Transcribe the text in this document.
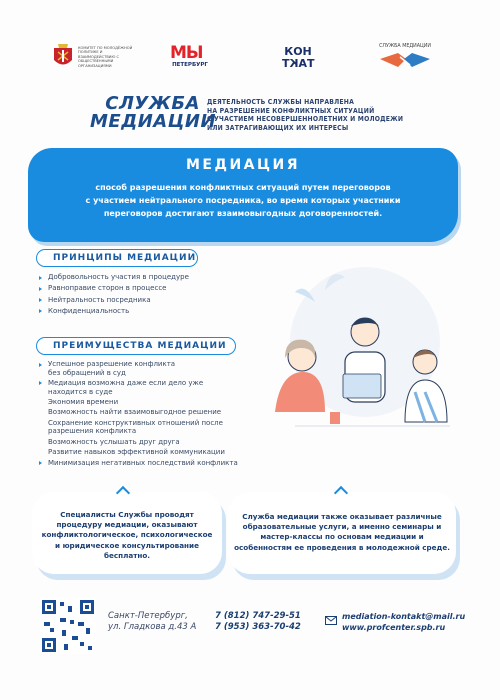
КОМИТЕТ ПО МОЛОДЁЖНОЙ ПОЛИТИКЕ И ВЗАИМОДЕЙСТВИЮ С ОБЩЕСТВЕННЫМИ ОРГАНИЗАЦИЯМИ
МЫ
ПЕТЕРБУРГ
КОН
ТАКТ
СЛУЖБА МЕДИАЦИИ
СЛУЖБА
МЕДИАЦИИ
ДЕЯТЕЛЬНОСТЬ СЛУЖБЫ НАПРАВЛЕНА
НА РАЗРЕШЕНИЕ КОНФЛИКТНЫХ СИТУАЦИЙ
С УЧАСТИЕМ НЕСОВЕРШЕННОЛЕТНИХ И МОЛОДЕЖИ
ИЛИ ЗАТРАГИВАЮЩИХ ИХ ИНТЕРЕСЫ
МЕДИАЦИЯ
способ разрешения конфликтных ситуаций путем переговоров
с участием нейтрального посредника, во время которых участники
переговоров достигают взаимовыгодных договоренностей.
ПРИНЦИПЫ МЕДИАЦИИ
Добровольность участия в процедуре
Равноправие сторон в процессе
Нейтральность посредника
Конфиденциальность
ПРЕИМУЩЕСТВА МЕДИАЦИИ
Успешное разрешение конфликта без обращений в суд
Медиация возможна даже если дело уже находится в суде
Экономия времени
Возможность найти взаимовыгодное решение
Сохранение конструктивных отношений после разрешения конфликта
Возможность услышать друг друга
Развитие навыков эффективной коммуникации
Минимизация негативных последствий конфликта
Специалисты Службы проводят процедуру медиации, оказывают конфликтологическое, психологическое и юридическое консультирование бесплатно.
Служба медиации также оказывает различные образовательные услуги, а именно семинары и мастер-классы по основам медиации и особенностям ее проведения в молодежной среде.
Санкт-Петербург,
ул. Гладкова д.43 А
7 (812) 747-29-51
7 (953) 363-70-42
mediation-kontakt@mail.ru
www.profcenter.spb.ru
